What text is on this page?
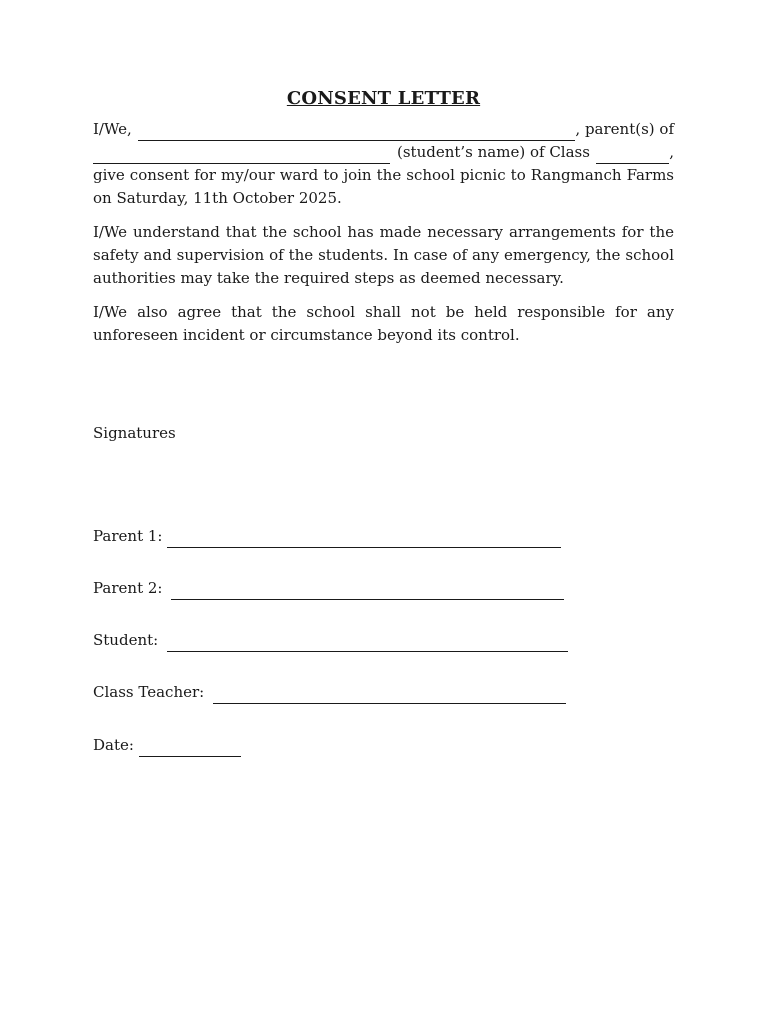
CONSENT LETTER
I/We,	, parent(s) of
(student’s name) of Class	,
give consent for my/our ward to join the school picnic to Rangmanch Farms on Saturday, 11th October 2025.
I/We understand that the school has made necessary arrangements for the safety and supervision of the students. In case of any emergency, the school authorities may take the required steps as deemed necessary.
I/We also agree that the school shall not be held responsible for any unforeseen incident or circumstance beyond its control.
Signatures
Parent 1:
Parent 2:
Student:
Class Teacher:
Date:
